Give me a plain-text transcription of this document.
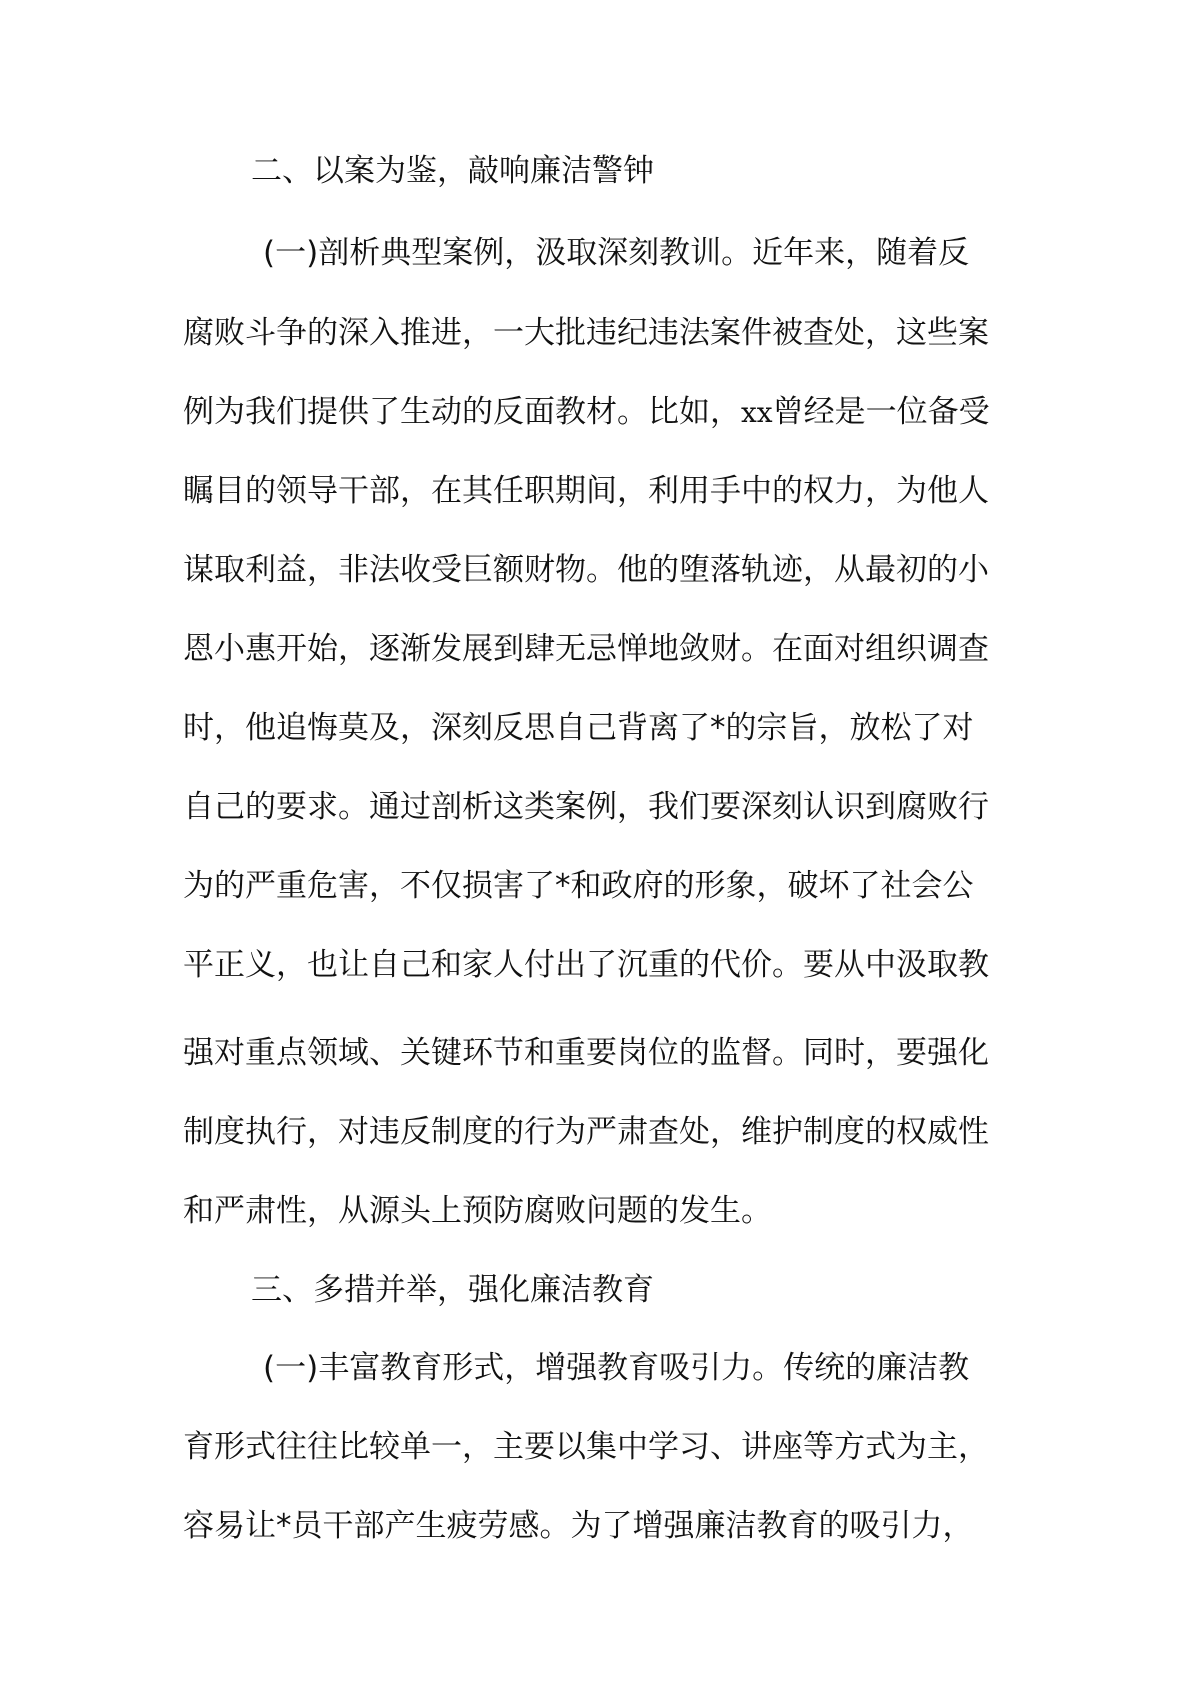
二、以案为鉴，敲响廉洁警钟
(一)剖析典型案例，汲取深刻教训。近年来，随着反
腐败斗争的深入推进，一大批违纪违法案件被查处，这些案
例为我们提供了生动的反面教材。比如，xx曾经是一位备受
瞩目的领导干部，在其任职期间，利用手中的权力，为他人
谋取利益，非法收受巨额财物。他的堕落轨迹，从最初的小
恩小惠开始，逐渐发展到肆无忌惮地敛财。在面对组织调查
时，他追悔莫及，深刻反思自己背离了*的宗旨，放松了对
自己的要求。通过剖析这类案例，我们要深刻认识到腐败行
为的严重危害，不仅损害了*和政府的形象，破坏了社会公
平正义，也让自己和家人付出了沉重的代价。要从中汲取教
强对重点领域、关键环节和重要岗位的监督。同时，要强化
制度执行，对违反制度的行为严肃查处，维护制度的权威性
和严肃性，从源头上预防腐败问题的发生。
三、多措并举，强化廉洁教育
(一)丰富教育形式，增强教育吸引力。传统的廉洁教
育形式往往比较单一，主要以集中学习、讲座等方式为主，
容易让*员干部产生疲劳感。为了增强廉洁教育的吸引力，
